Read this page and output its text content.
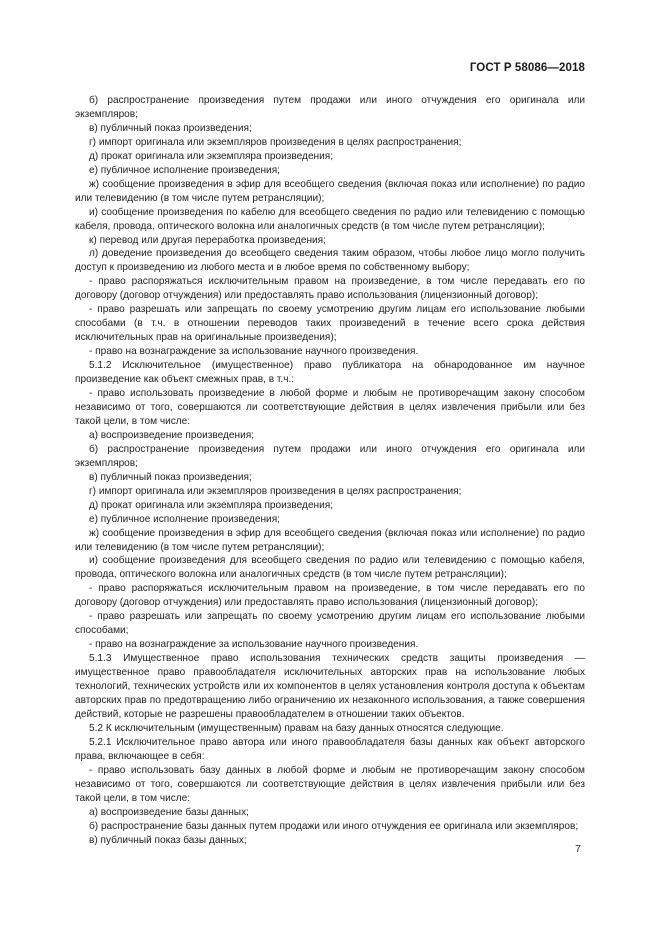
ГОСТ Р 58086—2018

б) распространение произведения путем продажи или иного отчуждения его оригинала или экземпляров;

в) публичный показ произведения;

г) импорт оригинала или экземпляров произведения в целях распространения;

д) прокат оригинала или экземпляра произведения;

е) публичное исполнение произведения;

ж) сообщение произведения в эфир для всеобщего сведения (включая показ или исполнение) по радио или телевидению (в том числе путем ретрансляции);

и) сообщение произведения по кабелю для всеобщего сведения по радио или телевидению с помощью кабеля, провода, оптического волокна или аналогичных средств (в том числе путем ретрансляции);

к) перевод или другая переработка произведения;

л) доведение произведения до всеобщего сведения таким образом, чтобы любое лицо могло получить доступ к произведению из любого места и в любое время по собственному выбору;

- право распоряжаться исключительным правом на произведение, в том числе передавать его по договору (договор отчуждения) или предоставлять право использования (лицензионный договор);

- право разрешать или запрещать по своему усмотрению другим лицам его использование любыми способами (в т.ч. в отношении переводов таких произведений в течение всего срока действия исключительных прав на оригинальные произведения);

- право на вознаграждение за использование научного произведения.

5.1.2 Исключительное (имущественное) право публикатора на обнародованное им научное произведение как объект смежных прав, в т.ч.:

- право использовать произведение в любой форме и любым не противоречащим закону способом независимо от того, совершаются ли соответствующие действия в целях извлечения прибыли или без такой цели, в том числе:

а) воспроизведение произведения;

б) распространение произведения путем продажи или иного отчуждения его оригинала или экземпляров;

в) публичный показ произведения;

г) импорт оригинала или экземпляров произведения в целях распространения;

д) прокат оригинала или экземпляра произведения;

е) публичное исполнение произведения;

ж) сообщение произведения в эфир для всеобщего сведения (включая показ или исполнение) по радио или телевидению (в том числе путем ретрансляции);

и) сообщение произведения для всеобщего сведения по радио или телевидению с помощью кабеля, провода, оптического волокна или аналогичных средств (в том числе путем ретрансляции);

- право распоряжаться исключительным правом на произведение, в том числе передавать его по договору (договор отчуждения) или предоставлять право использования (лицензионный договор);

- право разрешать или запрещать по своему усмотрению другим лицам его использование любыми способами;

- право на вознаграждение за использование научного произведения.

5.1.3 Имущественное право использования технических средств защиты произведения — имущественное право правообладателя исключительных авторских прав на использование любых технологий, технических устройств или их компонентов в целях установления контроля доступа к объектам авторских прав по предотвращению либо ограничению их незаконного использования, а также совершения действий, которые не разрешены правообладателем в отношении таких объектов.

5.2 К исключительным (имущественным) правам на базу данных относятся следующие.

5.2.1 Исключительное право автора или иного правообладателя базы данных как объект авторского права, включающее в себя:

- право использовать базу данных в любой форме и любым не противоречащим закону способом независимо от того, совершаются ли соответствующие действия в целях извлечения прибыли или без такой цели, в том числе:

а) воспроизведение базы данных;

б) распространение базы данных путем продажи или иного отчуждения ее оригинала или экземпляров;

в) публичный показ базы данных;

7
